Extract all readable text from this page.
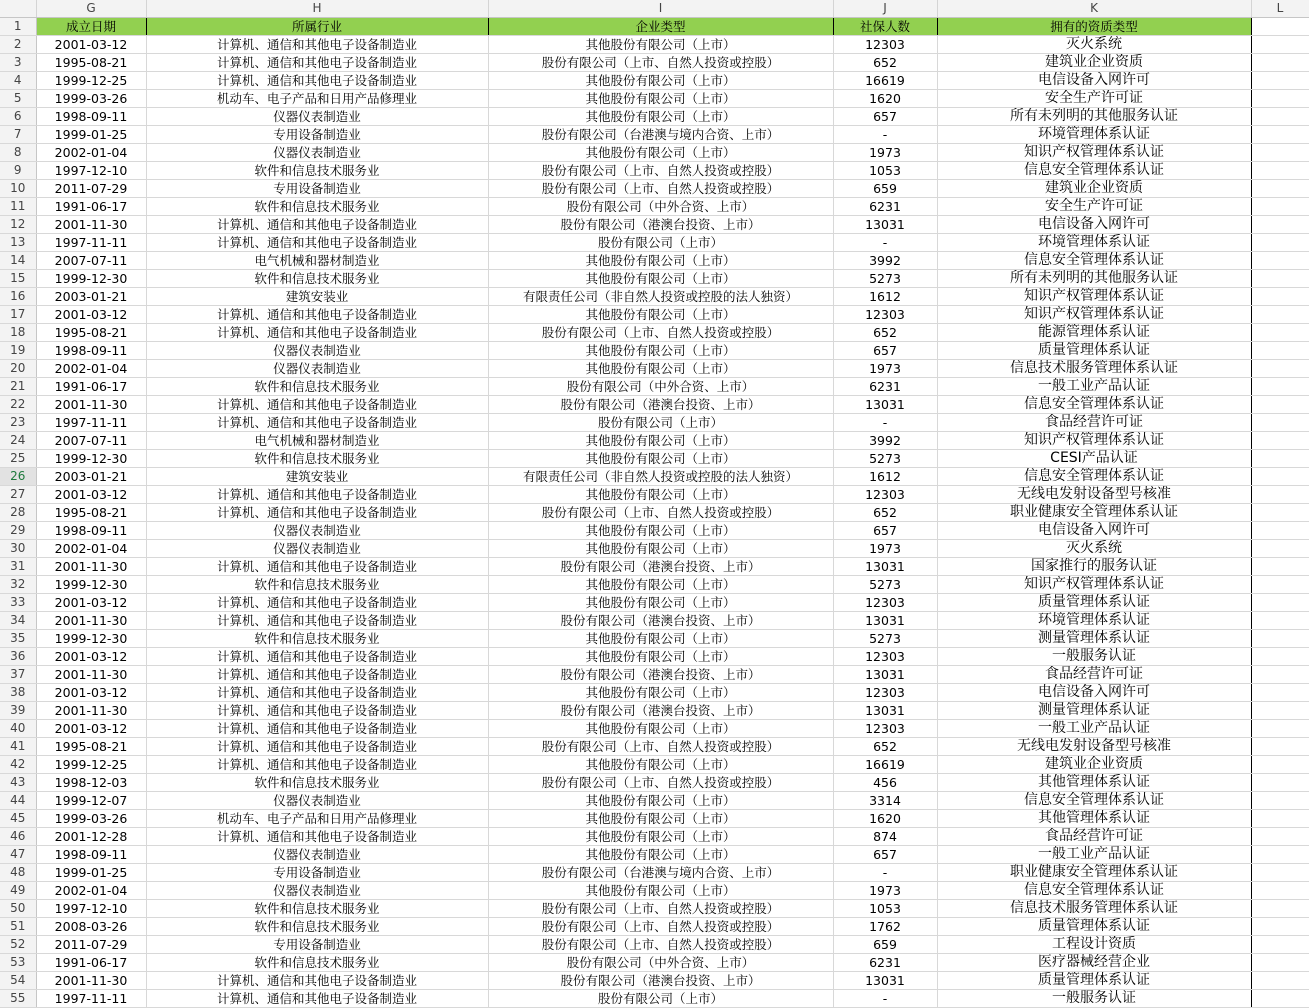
	G	H	I	J	K	L
1	成立日期	所属行业	企业类型	社保人数	拥有的资质类型	
2	2001-03-12	计算机、通信和其他电子设备制造业	其他股份有限公司（上市）	12303	灭火系统	
3	1995-08-21	计算机、通信和其他电子设备制造业	股份有限公司（上市、自然人投资或控股）	652	建筑业企业资质	
4	1999-12-25	计算机、通信和其他电子设备制造业	其他股份有限公司（上市）	16619	电信设备入网许可	
5	1999-03-26	机动车、电子产品和日用产品修理业	其他股份有限公司（上市）	1620	安全生产许可证	
6	1998-09-11	仪器仪表制造业	其他股份有限公司（上市）	657	所有未列明的其他服务认证	
7	1999-01-25	专用设备制造业	股份有限公司（台港澳与境内合资、上市）	-	环境管理体系认证	
8	2002-01-04	仪器仪表制造业	其他股份有限公司（上市）	1973	知识产权管理体系认证	
9	1997-12-10	软件和信息技术服务业	股份有限公司（上市、自然人投资或控股）	1053	信息安全管理体系认证	
10	2011-07-29	专用设备制造业	股份有限公司（上市、自然人投资或控股）	659	建筑业企业资质	
11	1991-06-17	软件和信息技术服务业	股份有限公司（中外合资、上市）	6231	安全生产许可证	
12	2001-11-30	计算机、通信和其他电子设备制造业	股份有限公司（港澳台投资、上市）	13031	电信设备入网许可	
13	1997-11-11	计算机、通信和其他电子设备制造业	股份有限公司（上市）	-	环境管理体系认证	
14	2007-07-11	电气机械和器材制造业	其他股份有限公司（上市）	3992	信息安全管理体系认证	
15	1999-12-30	软件和信息技术服务业	其他股份有限公司（上市）	5273	所有未列明的其他服务认证	
16	2003-01-21	建筑安装业	有限责任公司（非自然人投资或控股的法人独资）	1612	知识产权管理体系认证	
17	2001-03-12	计算机、通信和其他电子设备制造业	其他股份有限公司（上市）	12303	知识产权管理体系认证	
18	1995-08-21	计算机、通信和其他电子设备制造业	股份有限公司（上市、自然人投资或控股）	652	能源管理体系认证	
19	1998-09-11	仪器仪表制造业	其他股份有限公司（上市）	657	质量管理体系认证	
20	2002-01-04	仪器仪表制造业	其他股份有限公司（上市）	1973	信息技术服务管理体系认证	
21	1991-06-17	软件和信息技术服务业	股份有限公司（中外合资、上市）	6231	一般工业产品认证	
22	2001-11-30	计算机、通信和其他电子设备制造业	股份有限公司（港澳台投资、上市）	13031	信息安全管理体系认证	
23	1997-11-11	计算机、通信和其他电子设备制造业	股份有限公司（上市）	-	食品经营许可证	
24	2007-07-11	电气机械和器材制造业	其他股份有限公司（上市）	3992	知识产权管理体系认证	
25	1999-12-30	软件和信息技术服务业	其他股份有限公司（上市）	5273	CESI产品认证	
26	2003-01-21	建筑安装业	有限责任公司（非自然人投资或控股的法人独资）	1612	信息安全管理体系认证	
27	2001-03-12	计算机、通信和其他电子设备制造业	其他股份有限公司（上市）	12303	无线电发射设备型号核准	
28	1995-08-21	计算机、通信和其他电子设备制造业	股份有限公司（上市、自然人投资或控股）	652	职业健康安全管理体系认证	
29	1998-09-11	仪器仪表制造业	其他股份有限公司（上市）	657	电信设备入网许可	
30	2002-01-04	仪器仪表制造业	其他股份有限公司（上市）	1973	灭火系统	
31	2001-11-30	计算机、通信和其他电子设备制造业	股份有限公司（港澳台投资、上市）	13031	国家推行的服务认证	
32	1999-12-30	软件和信息技术服务业	其他股份有限公司（上市）	5273	知识产权管理体系认证	
33	2001-03-12	计算机、通信和其他电子设备制造业	其他股份有限公司（上市）	12303	质量管理体系认证	
34	2001-11-30	计算机、通信和其他电子设备制造业	股份有限公司（港澳台投资、上市）	13031	环境管理体系认证	
35	1999-12-30	软件和信息技术服务业	其他股份有限公司（上市）	5273	测量管理体系认证	
36	2001-03-12	计算机、通信和其他电子设备制造业	其他股份有限公司（上市）	12303	一般服务认证	
37	2001-11-30	计算机、通信和其他电子设备制造业	股份有限公司（港澳台投资、上市）	13031	食品经营许可证	
38	2001-03-12	计算机、通信和其他电子设备制造业	其他股份有限公司（上市）	12303	电信设备入网许可	
39	2001-11-30	计算机、通信和其他电子设备制造业	股份有限公司（港澳台投资、上市）	13031	测量管理体系认证	
40	2001-03-12	计算机、通信和其他电子设备制造业	其他股份有限公司（上市）	12303	一般工业产品认证	
41	1995-08-21	计算机、通信和其他电子设备制造业	股份有限公司（上市、自然人投资或控股）	652	无线电发射设备型号核准	
42	1999-12-25	计算机、通信和其他电子设备制造业	其他股份有限公司（上市）	16619	建筑业企业资质	
43	1998-12-03	软件和信息技术服务业	股份有限公司（上市、自然人投资或控股）	456	其他管理体系认证	
44	1999-12-07	仪器仪表制造业	其他股份有限公司（上市）	3314	信息安全管理体系认证	
45	1999-03-26	机动车、电子产品和日用产品修理业	其他股份有限公司（上市）	1620	其他管理体系认证	
46	2001-12-28	计算机、通信和其他电子设备制造业	其他股份有限公司（上市）	874	食品经营许可证	
47	1998-09-11	仪器仪表制造业	其他股份有限公司（上市）	657	一般工业产品认证	
48	1999-01-25	专用设备制造业	股份有限公司（台港澳与境内合资、上市）	-	职业健康安全管理体系认证	
49	2002-01-04	仪器仪表制造业	其他股份有限公司（上市）	1973	信息安全管理体系认证	
50	1997-12-10	软件和信息技术服务业	股份有限公司（上市、自然人投资或控股）	1053	信息技术服务管理体系认证	
51	2008-03-26	软件和信息技术服务业	股份有限公司（上市、自然人投资或控股）	1762	质量管理体系认证	
52	2011-07-29	专用设备制造业	股份有限公司（上市、自然人投资或控股）	659	工程设计资质	
53	1991-06-17	软件和信息技术服务业	股份有限公司（中外合资、上市）	6231	医疗器械经营企业	
54	2001-11-30	计算机、通信和其他电子设备制造业	股份有限公司（港澳台投资、上市）	13031	质量管理体系认证	
55	1997-11-11	计算机、通信和其他电子设备制造业	股份有限公司（上市）	-	一般服务认证	
